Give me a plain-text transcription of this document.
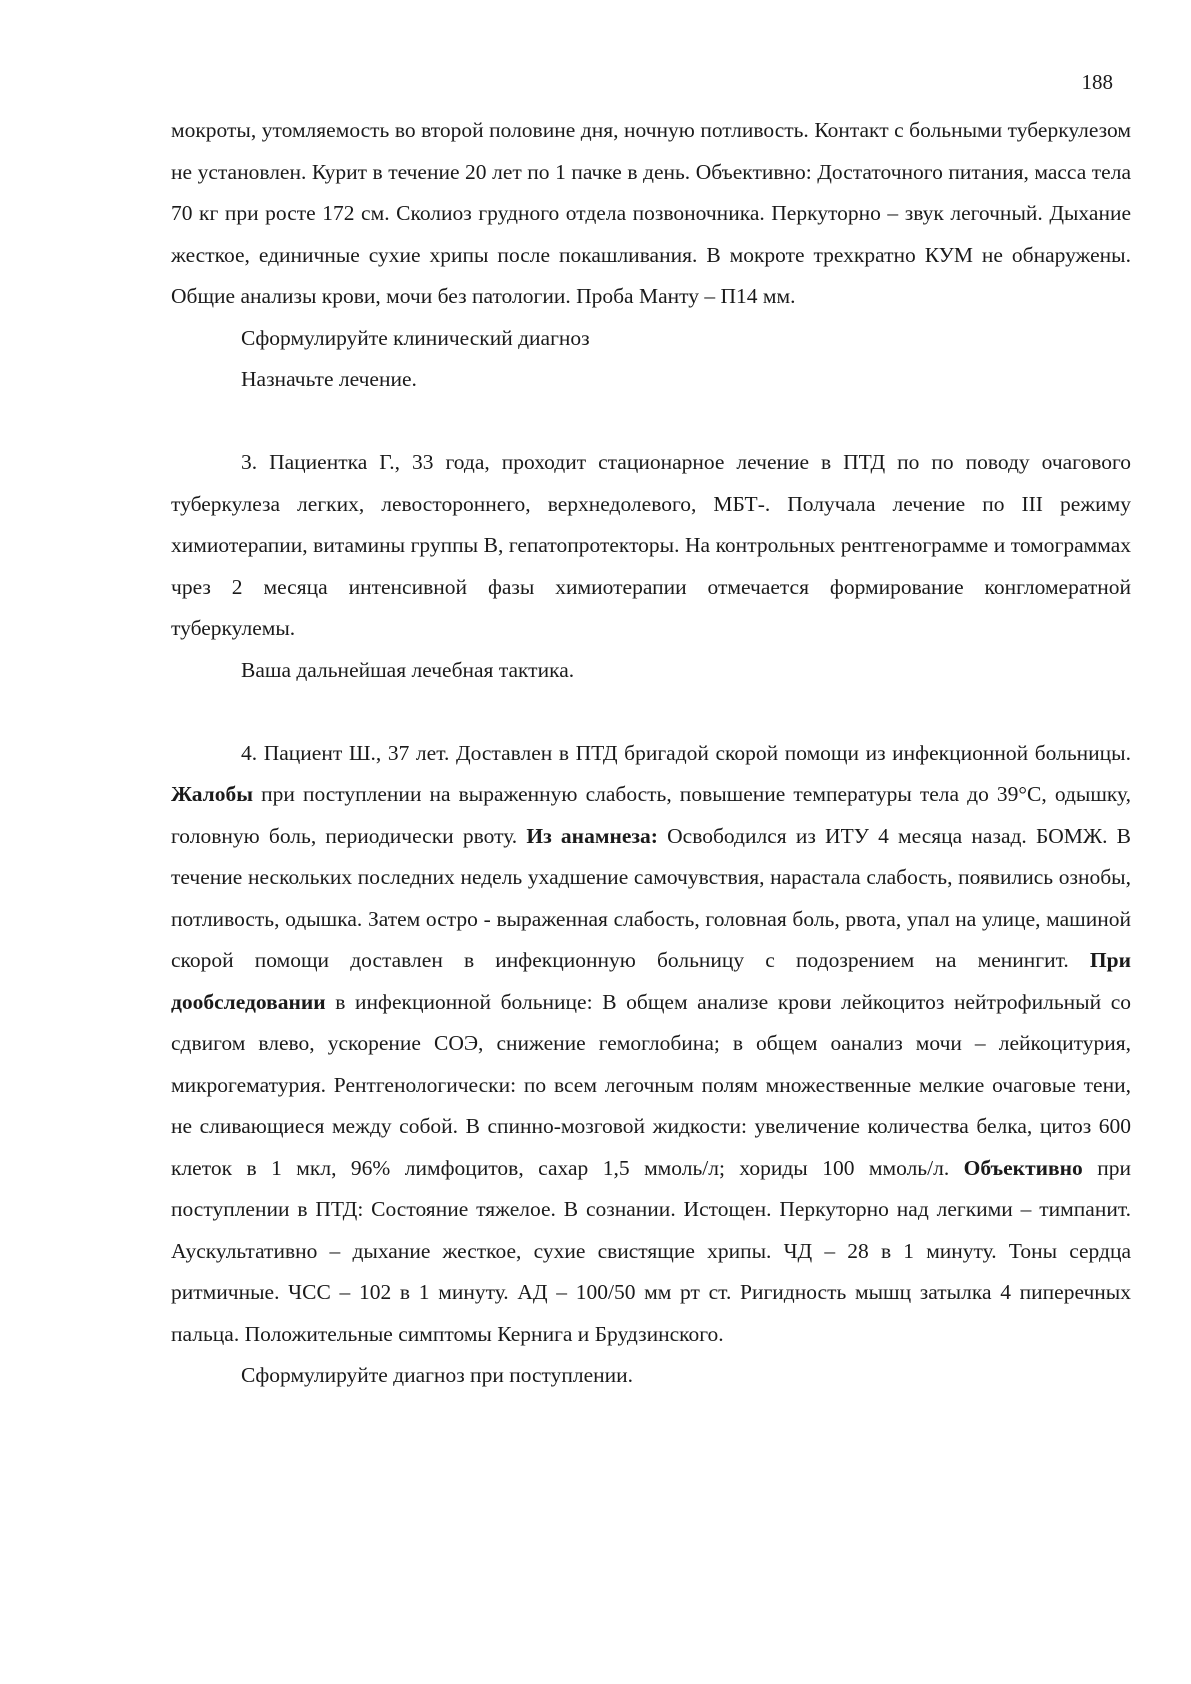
188

мокроты, утомляемость во второй половине дня, ночную потливость. Контакт с больными туберкулезом не установлен. Курит в течение 20 лет по 1 пачке в день. Объективно: Достаточного питания, масса тела 70 кг при росте 172 см. Сколиоз грудного отдела позвоночника. Перкуторно – звук легочный. Дыхание жесткое, единичные сухие хрипы после покашливания. В мокроте трехкратно КУМ не обнаружены. Общие анализы крови, мочи без патологии. Проба Манту – П14 мм.

Сформулируйте клинический диагноз

Назначьте лечение.

3. Пациентка Г., 33 года, проходит стационарное лечение в ПТД по по поводу очагового туберкулеза легких, левостороннего, верхнедолевого, МБТ-. Получала лечение по III режиму химиотерапии, витамины группы В, гепатопротекторы. На контрольных рентгенограмме и томограммах чрез 2 месяца интенсивной фазы химиотерапии отмечается формирование конгломератной туберкулемы.

Ваша дальнейшая лечебная тактика.

4. Пациент Ш., 37 лет. Доставлен в ПТД бригадой скорой помощи из инфекционной больницы. Жалобы при поступлении на выраженную слабость, повышение температуры тела до 39°С, одышку, головную боль, периодически рвоту. Из анамнеза: Освободился из ИТУ 4 месяца назад. БОМЖ. В течение нескольких последних недель ухадшение самочувствия, нарастала слабость, появились ознобы, потливость, одышка. Затем остро - выраженная слабость, головная боль, рвота, упал на улице, машиной скорой помощи доставлен в инфекционную больницу с подозрением на менингит. При дообследовании в инфекционной больнице: В общем анализе крови лейкоцитоз нейтрофильный со сдвигом влево, ускорение СОЭ, снижение гемоглобина; в общем оанализ мочи – лейкоцитурия, микрогематурия. Рентгенологически: по всем легочным полям множественные мелкие очаговые тени, не сливающиеся между собой. В спинно-мозговой жидкости: увеличение количества белка, цитоз 600 клеток в 1 мкл, 96% лимфоцитов, сахар 1,5 ммоль/л; хориды 100 ммоль/л. Объективно при поступлении в ПТД: Состояние тяжелое. В сознании. Истощен. Перкуторно над легкими – тимпанит. Аускультативно – дыхание жесткое, сухие свистящие хрипы. ЧД – 28 в 1 минуту. Тоны сердца ритмичные. ЧСС – 102 в 1 минуту. АД – 100/50 мм рт ст. Ригидность мышц затылка 4 пиперечных пальца. Положительные симптомы Кернига и Брудзинского.

Сформулируйте диагноз при поступлении.
